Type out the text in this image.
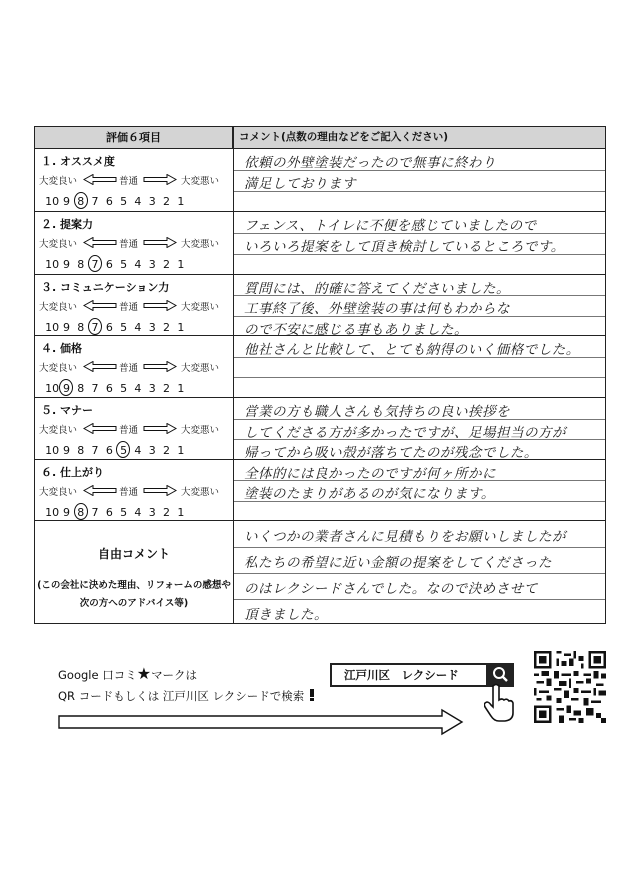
評価６項目	コメント(点数の理由などをご記入ください)
１. オススメ度
大変良い	普通	大変悪い
10 9 8 7 6 5 4 3 2 1
依頼の外壁塗装だったので無事に終わり
満足しております
２. 提案力
大変良い	普通	大変悪い
10 9 8 7 6 5 4 3 2 1
フェンス、トイレに不便を感じていましたので
いろいろ提案をして頂き検討しているところです。
３. コミュニケーション力
大変良い	普通	大変悪い
10 9 8 7 6 5 4 3 2 1
質問には、的確に答えてくださいました。
工事終了後、外壁塗装の事は何もわからな
ので不安に感じる事もありました。
４. 価格
大変良い	普通	大変悪い
10 9 8 7 6 5 4 3 2 1
他社さんと比較して、とても納得のいく価格でした。
５. マナー
大変良い	普通	大変悪い
10 9 8 7 6 5 4 3 2 1
営業の方も職人さんも気持ちの良い挨拶を
してくださる方が多かったですが、足場担当の方が
帰ってから吸い殻が落ちてたのが残念でした。
６. 仕上がり
大変良い	普通	大変悪い
10 9 8 7 6 5 4 3 2 1
全体的には良かったのですが何ヶ所かに
塗装のたまりがあるのが気になります。
自由コメント
(この会社に決めた理由、リフォームの感想や
次の方へのアドバイス等)
いくつかの業者さんに見積もりをお願いしましたが
私たちの希望に近い金額の提案をしてくださった
のはレクシードさんでした。なので決めさせて
頂きました。
Google 口コミ★マークは
QR コードもしくは 江戸川区 レクシードで検索
江戸川区　レクシード
